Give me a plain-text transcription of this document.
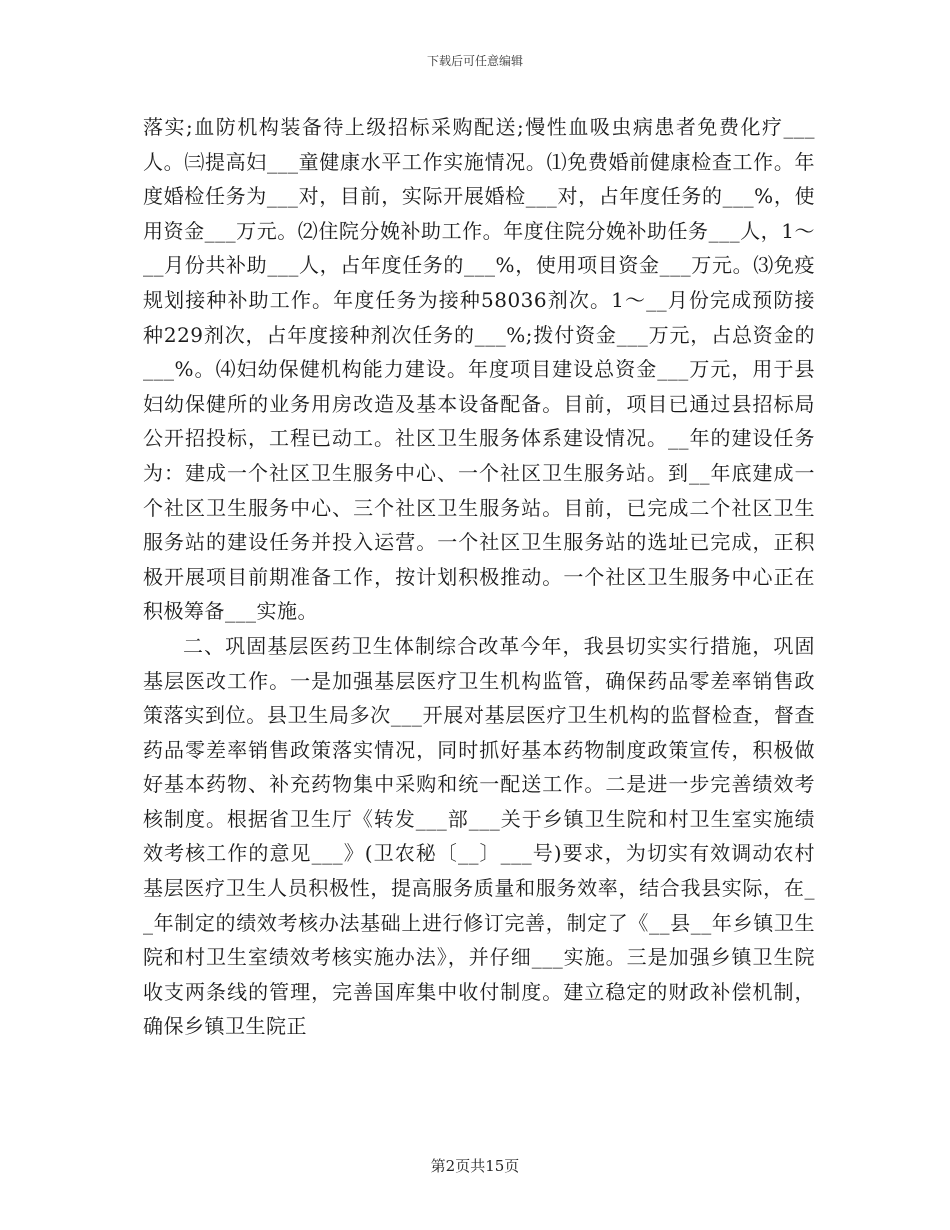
下载后可任意编辑

落实;血防机构装备待上级招标采购配送;慢性血吸虫病患者免费化疗___人。㈢提高妇___童健康水平工作实施情况。⑴免费婚前健康检查工作。年度婚检任务为___对，目前，实际开展婚检___对，占年度任务的___%，使用资金___万元。⑵住院分娩补助工作。年度住院分娩补助任务___人，1～__月份共补助___人，占年度任务的___%，使用项目资金___万元。⑶免疫规划接种补助工作。年度任务为接种58036剂次。1～__月份完成预防接种229剂次，占年度接种剂次任务的___%;拨付资金___万元，占总资金的___%。⑷妇幼保健机构能力建设。年度项目建设总资金___万元，用于县妇幼保健所的业务用房改造及基本设备配备。目前，项目已通过县招标局公开招投标，工程已动工。社区卫生服务体系建设情况。__年的建设任务为：建成一个社区卫生服务中心、一个社区卫生服务站。到__年底建成一个社区卫生服务中心、三个社区卫生服务站。目前，已完成二个社区卫生服务站的建设任务并投入运营。一个社区卫生服务站的选址已完成，正积极开展项目前期准备工作，按计划积极推动。一个社区卫生服务中心正在积极筹备___实施。

二、巩固基层医药卫生体制综合改革今年，我县切实实行措施，巩固基层医改工作。一是加强基层医疗卫生机构监管，确保药品零差率销售政策落实到位。县卫生局多次___开展对基层医疗卫生机构的监督检查，督查药品零差率销售政策落实情况，同时抓好基本药物制度政策宣传，积极做好基本药物、补充药物集中采购和统一配送工作。二是进一步完善绩效考核制度。根据省卫生厅《转发___部___关于乡镇卫生院和村卫生室实施绩效考核工作的意见___》(卫农秘〔__〕___号)要求，为切实有效调动农村基层医疗卫生人员积极性，提高服务质量和服务效率，结合我县实际，在__年制定的绩效考核办法基础上进行修订完善，制定了《__县__年乡镇卫生院和村卫生室绩效考核实施办法》，并仔细___实施。三是加强乡镇卫生院收支两条线的管理，完善国库集中收付制度。建立稳定的财政补偿机制，确保乡镇卫生院正

第2页共15页
